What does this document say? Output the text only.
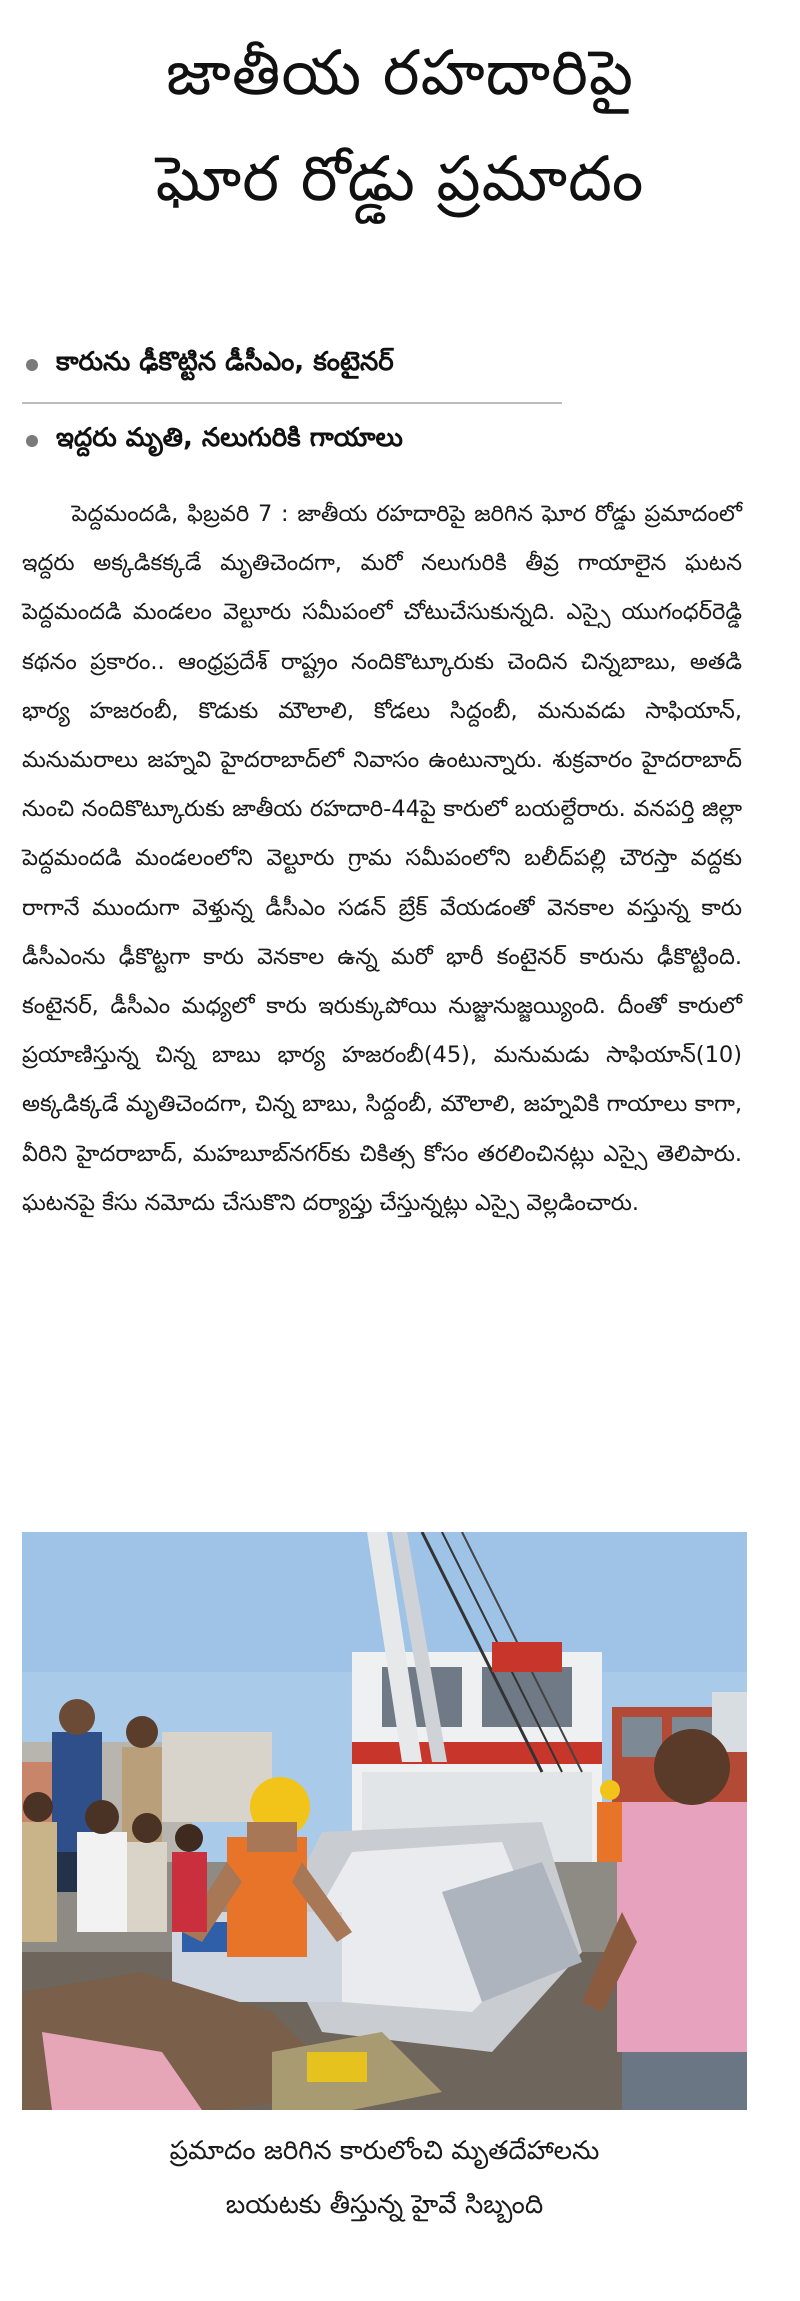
జాతీయ రహదారిపై
ఘోర రోడ్డు ప్రమాదం
కారును ఢీకొట్టిన డీసీఎం, కంటైనర్
ఇద్దరు మృతి, నలుగురికి గాయాలు
పెద్దమందడి, ఫిబ్రవరి 7 : జాతీయ రహదారిపై జరిగిన ఘోర రోడ్డు ప్రమాదంలో ఇద్దరు అక్కడికక్కడే మృతిచెందగా, మరో నలుగురికి తీవ్ర గాయాలైన ఘటన పెద్దమందడి మండలం వెల్టూరు సమీపంలో చోటుచేసుకున్నది. ఎస్సై యుగంధర్‌రెడ్డి కథనం ప్రకారం.. ఆంధ్రప్రదేశ్ రాష్ట్రం నందికొట్కూరుకు చెందిన చిన్నబాబు, అతడి భార్య హజరంబీ, కొడుకు మౌలాలి, కోడలు సిద్దంబీ, మనువడు సాఫియాన్, మనుమరాలు జహ్నవి హైదరాబాద్‌లో నివాసం ఉంటున్నారు. శుక్రవారం హైదరాబాద్ నుంచి నందికొట్కూరుకు జాతీయ రహదారి-44పై కారులో బయల్దేరారు. వనపర్తి జిల్లా పెద్దమందడి మండలంలోని వెల్టూరు గ్రామ సమీపంలోని బలీద్‌పల్లి చౌరస్తా వద్దకు రాగానే ముందుగా వెళ్తున్న డీసీఎం సడన్ బ్రేక్ వేయడంతో వెనకాల వస్తున్న కారు డీసీఎంను ఢీకొట్టగా కారు వెనకాల ఉన్న మరో భారీ కంటైనర్ కారును ఢీకొట్టింది. కంటైనర్, డీసీఎం మధ్యలో కారు ఇరుక్కుపోయి నుజ్జునుజ్జయ్యింది. దీంతో కారులో ప్రయాణిస్తున్న చిన్న బాబు భార్య హజరంబీ(45), మనుమడు సాఫియాన్(10) అక్కడిక్కడే మృతిచెందగా, చిన్న బాబు, సిద్దంబీ, మౌలాలి, జహ్నవికి గాయాలు కాగా, వీరిని హైదరాబాద్, మహబూబ్‌నగర్‌కు చికిత్స కోసం తరలించినట్లు ఎస్సై తెలిపారు. ఘటనపై కేసు నమోదు చేసుకొని దర్యాప్తు చేస్తున్నట్లు ఎస్సై వెల్లడించారు.
ప్రమాదం జరిగిన కారులోంచి మృతదేహాలను
బయటకు తీస్తున్న హైవే సిబ్బంది
